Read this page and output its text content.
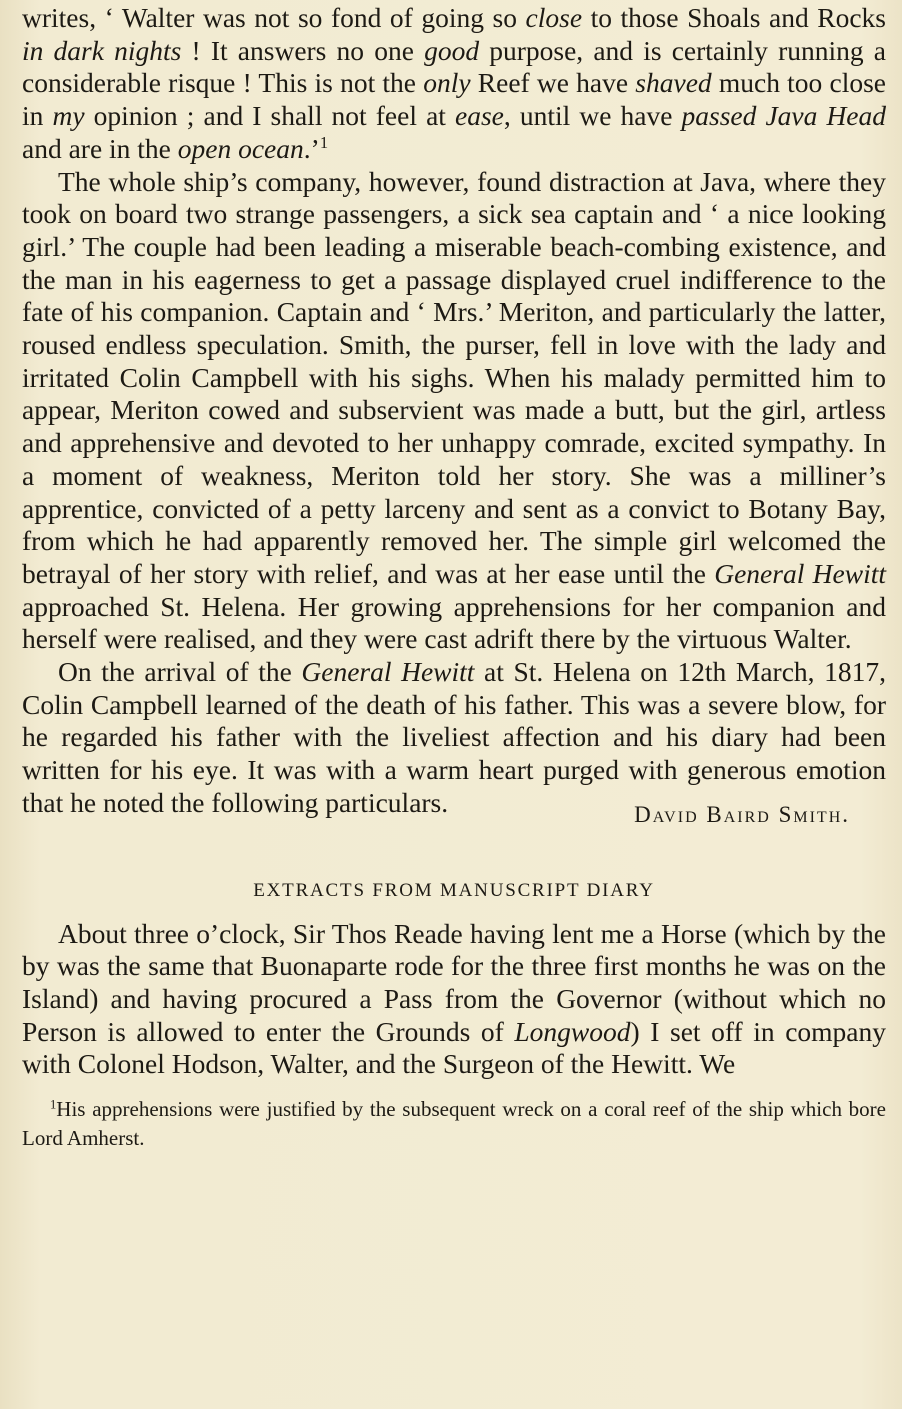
writes, ‘ Walter was not so fond of going so close to those Shoals and Rocks in dark nights ! It answers no one good purpose, and is certainly running a considerable risque ! This is not the only Reef we have shaved much too close in my opinion ; and I shall not feel at ease, until we have passed Java Head and are in the open ocean.’$^1$

The whole ship’s company, however, found distraction at Java, where they took on board two strange passengers, a sick sea captain and ‘ a nice looking girl.’ The couple had been leading a miserable beach-combing existence, and the man in his eagerness to get a passage displayed cruel indifference to the fate of his companion. Captain and ‘ Mrs.’ Meriton, and particularly the latter, roused endless speculation. Smith, the purser, fell in love with the lady and irritated Colin Campbell with his sighs. When his malady permitted him to appear, Meriton cowed and subservient was made a butt, but the girl, artless and apprehensive and devoted to her unhappy comrade, excited sympathy. In a moment of weakness, Meriton told her story. She was a milliner’s apprentice, convicted of a petty larceny and sent as a convict to Botany Bay, from which he had apparently removed her. The simple girl welcomed the betrayal of her story with relief, and was at her ease until the General Hewitt approached St. Helena. Her growing apprehensions for her companion and herself were realised, and they were cast adrift there by the virtuous Walter.

On the arrival of the General Hewitt at St. Helena on 12th March, 1817, Colin Campbell learned of the death of his father. This was a severe blow, for he regarded his father with the liveliest affection and his diary had been written for his eye. It was with a warm heart purged with generous emotion that he noted the following particulars.	David Baird Smith.
EXTRACTS FROM MANUSCRIPT DIARY

About three o’clock, Sir Thos Reade having lent me a Horse (which by the by was the same that Buonaparte rode for the three first months he was on the Island) and having procured a Pass from the Governor (without which no Person is allowed to enter the Grounds of Longwood) I set off in company with Colonel Hodson, Walter, and the Surgeon of the Hewitt. We

$^1$His apprehensions were justified by the subsequent wreck on a coral reef of the ship which bore Lord Amherst.
